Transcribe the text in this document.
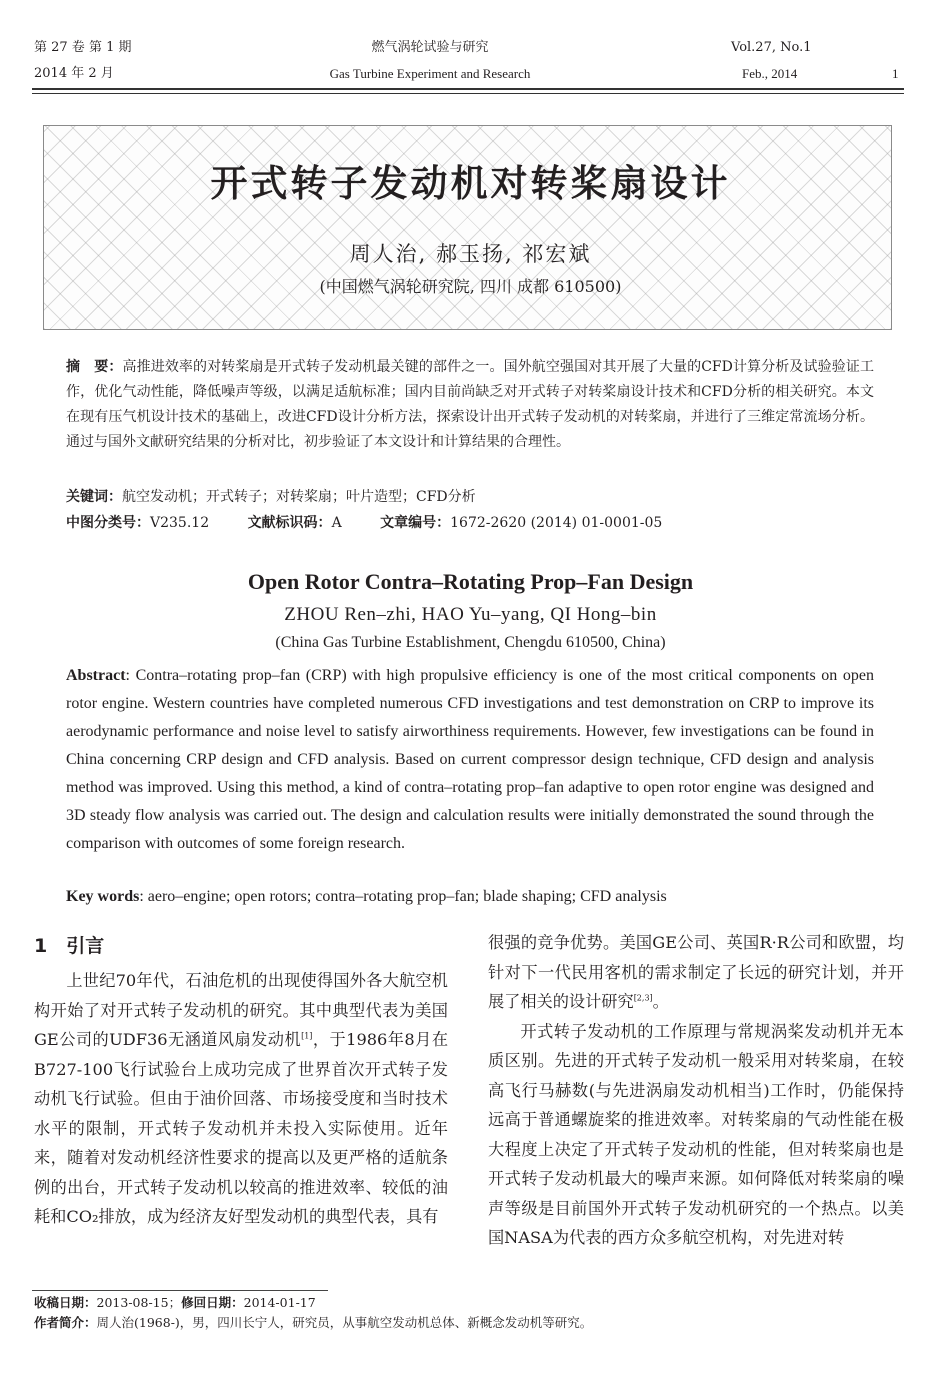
第 27 卷 第 1 期	燃气涡轮试验与研究	Vol.27, No.1
2014 年 2 月	Gas Turbine Experiment and Research	Feb., 2014	1
开式转子发动机对转桨扇设计
周人治, 郝玉扬, 祁宏斌
(中国燃气涡轮研究院, 四川 成都 610500)
摘　要：高推进效率的对转桨扇是开式转子发动机最关键的部件之一。国外航空强国对其开展了大量的CFD计算分析及试验验证工作，优化气动性能，降低噪声等级，以满足适航标准；国内目前尚缺乏对开式转子对转桨扇设计技术和CFD分析的相关研究。本文在现有压气机设计技术的基础上，改进CFD设计分析方法，探索设计出开式转子发动机的对转桨扇，并进行了三维定常流场分析。通过与国外文献研究结果的分析对比，初步验证了本文设计和计算结果的合理性。
关键词：航空发动机；开式转子；对转桨扇；叶片造型；CFD分析
中图分类号：V235.12	文献标识码：A	文章编号：1672-2620 (2014) 01-0001-05
Open Rotor Contra–Rotating Prop–Fan Design
ZHOU Ren–zhi, HAO Yu–yang, QI Hong–bin
(China Gas Turbine Establishment, Chengdu 610500, China)
Abstract: Contra–rotating prop–fan (CRP) with high propulsive efficiency is one of the most critical components on open rotor engine. Western countries have completed numerous CFD investigations and test demonstration on CRP to improve its aerodynamic performance and noise level to satisfy airworthiness requirements. However, few investigations can be found in China concerning CRP design and CFD analysis. Based on current compressor design technique, CFD design and analysis method was improved. Using this method, a kind of contra–rotating prop–fan adaptive to open rotor engine was designed and 3D steady flow analysis was carried out. The design and calculation results were initially demonstrated the sound through the comparison with outcomes of some foreign research.
Key words: aero–engine; open rotors; contra–rotating prop–fan; blade shaping; CFD analysis
1　引言

上世纪70年代，石油危机的出现使得国外各大航空机构开始了对开式转子发动机的研究。其中典型代表为美国GE公司的UDF36无涵道风扇发动机[1]，于1986年8月在B727-100飞行试验台上成功完成了世界首次开式转子发动机飞行试验。但由于油价回落、市场接受度和当时技术水平的限制，开式转子发动机并未投入实际使用。近年来，随着对发动机经济性要求的提高以及更严格的适航条例的出台，开式转子发动机以较高的推进效率、较低的油耗和CO₂排放，成为经济友好型发动机的典型代表，具有

很强的竞争优势。美国GE公司、英国R·R公司和欧盟，均针对下一代民用客机的需求制定了长远的研究计划，并开展了相关的设计研究[2,3]。

开式转子发动机的工作原理与常规涡桨发动机并无本质区别。先进的开式转子发动机一般采用对转桨扇，在较高飞行马赫数(与先进涡扇发动机相当)工作时，仍能保持远高于普通螺旋桨的推进效率。对转桨扇的气动性能在极大程度上决定了开式转子发动机的性能，但对转桨扇也是开式转子发动机最大的噪声来源。如何降低对转桨扇的噪声等级是目前国外开式转子发动机研究的一个热点。以美国NASA为代表的西方众多航空机构，对先进对转

收稿日期：2013-08-15；修回日期：2014-01-17
作者简介：周人治(1968-)，男，四川长宁人，研究员，从事航空发动机总体、新概念发动机等研究。
